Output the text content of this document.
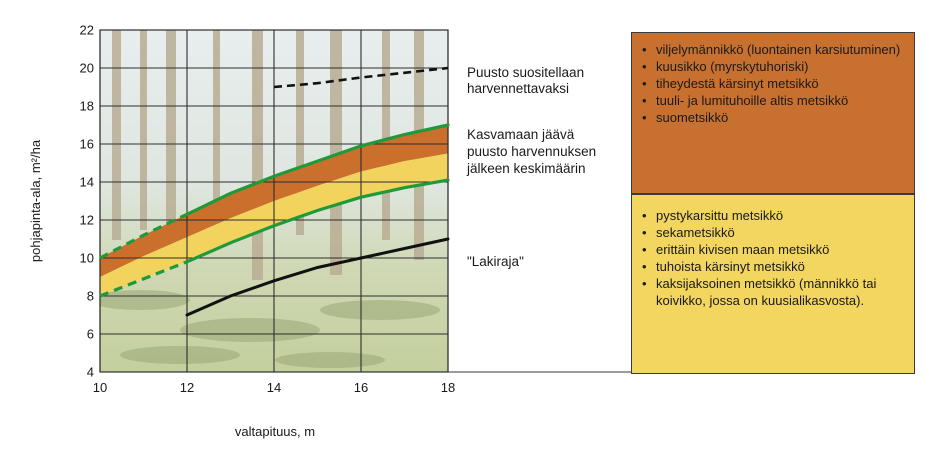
10	12	14	16	18
4
6
8
10
12
14
16
18
20
22
valtapituus, m
pohjapinta-ala, m²/ha
Puusto suositellaan
harvennettavaksi
Kasvamaan jäävä
puusto harvennuksen
jälkeen keskimäärin
"Lakiraja"
• viljelymännikkö (luontainen karsiutuminen)
• kuusikko (myrskytuhoriski)
• tiheydestä kärsinyt metsikkö
• tuuli- ja lumituhoille altis metsikkö
• suometsikkö
• pystykarsittu metsikkö
• sekametsikkö
• erittäin kivisen maan metsikkö
• tuhoista kärsinyt metsikkö
• kaksijaksoinen metsikkö (männikkö tai koivikko, jossa on kuusialikasvosta).
